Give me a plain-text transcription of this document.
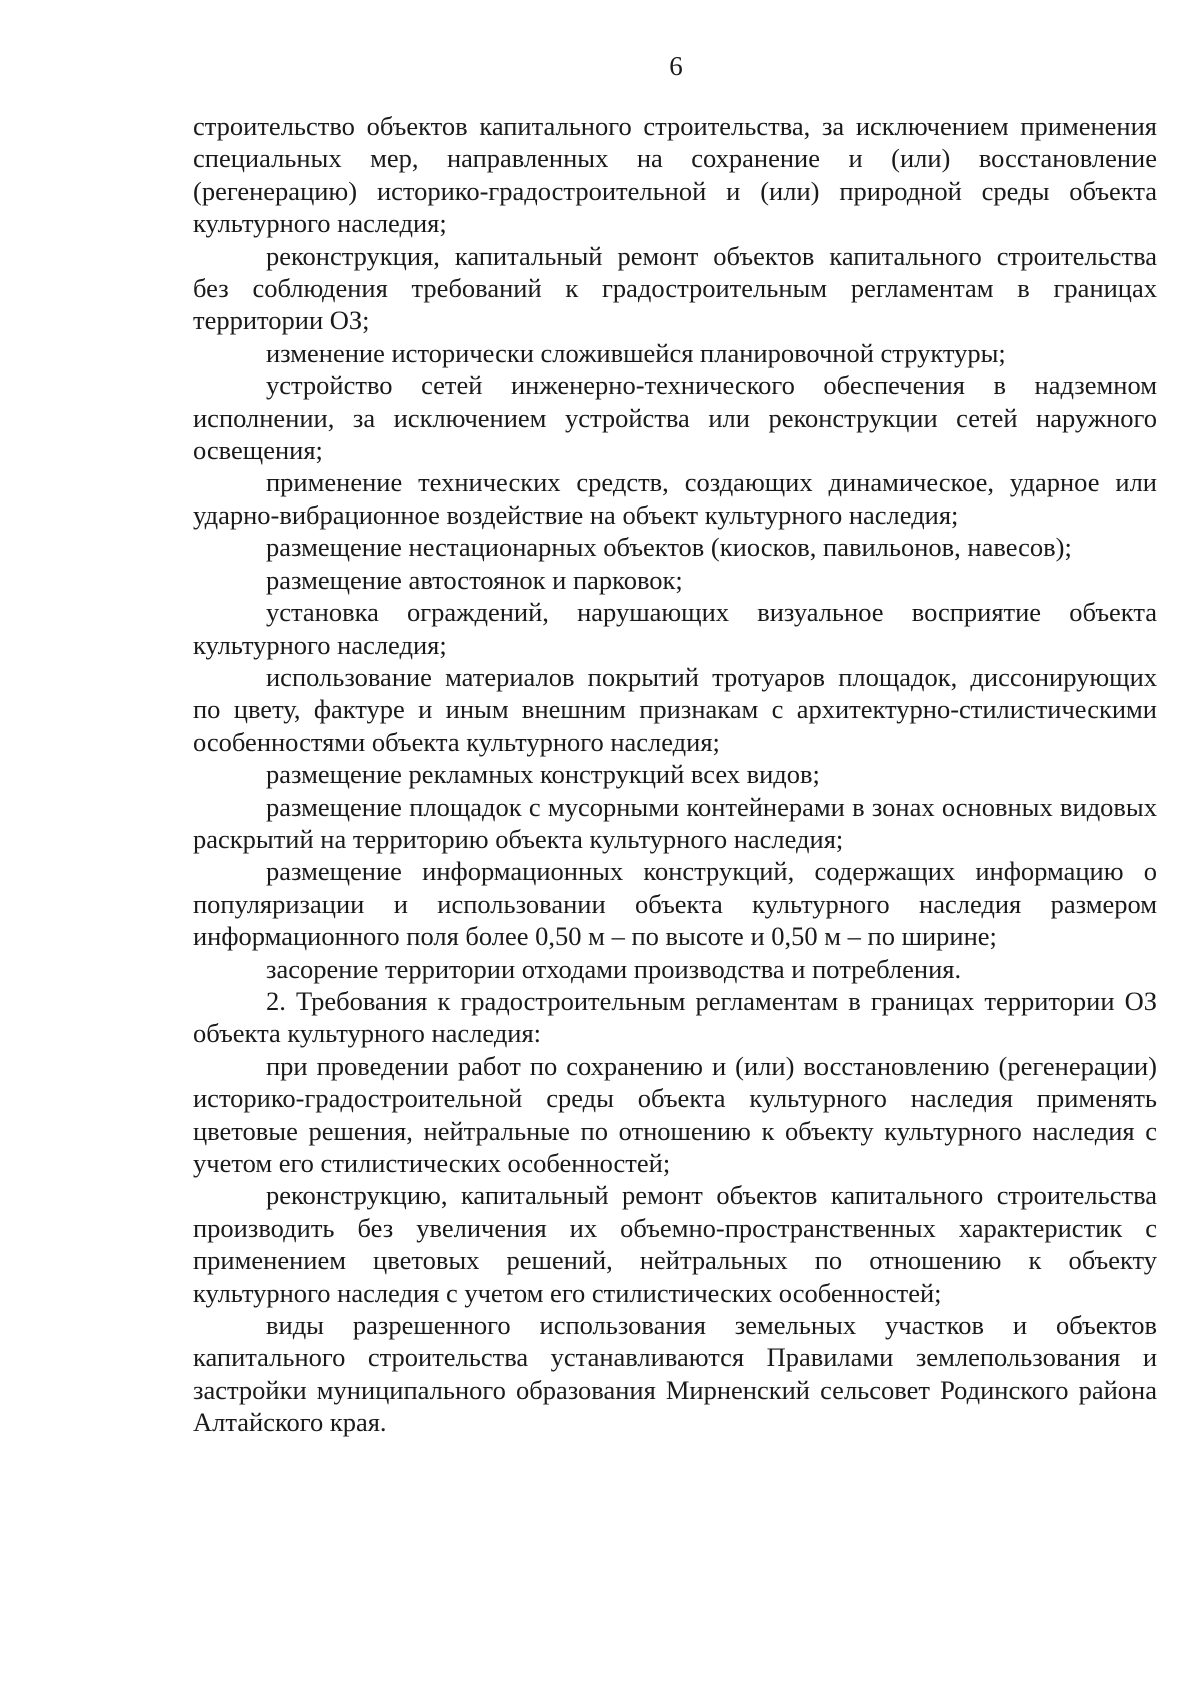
6

строительство объектов капитального строительства, за исключением применения специальных мер, направленных на сохранение и (или) восстановление (регенерацию) историко-градостроительной и (или) природной среды объекта культурного наследия;

реконструкция, капитальный ремонт объектов капитального строительства без соблюдения требований к градостроительным регламентам в границах территории ОЗ;

изменение исторически сложившейся планировочной структуры;

устройство сетей инженерно-технического обеспечения в надземном исполнении, за исключением устройства или реконструкции сетей наружного освещения;

применение технических средств, создающих динамическое, ударное или ударно-вибрационное воздействие на объект культурного наследия;

размещение нестационарных объектов (киосков, павильонов, навесов);

размещение автостоянок и парковок;

установка ограждений, нарушающих визуальное восприятие объекта культурного наследия;

использование материалов покрытий тротуаров площадок, диссонирующих по цвету, фактуре и иным внешним признакам с архитектурно-стилистическими особенностями объекта культурного наследия;

размещение рекламных конструкций всех видов;

размещение площадок с мусорными контейнерами в зонах основных видовых раскрытий на территорию объекта культурного наследия;

размещение информационных конструкций, содержащих информацию о популяризации и использовании объекта культурного наследия размером информационного поля более 0,50 м – по высоте и 0,50 м – по ширине;

засорение территории отходами производства и потребления.

2. Требования к градостроительным регламентам в границах территории ОЗ объекта культурного наследия:

при проведении работ по сохранению и (или) восстановлению (регенерации) историко-градостроительной среды объекта культурного наследия применять цветовые решения, нейтральные по отношению к объекту культурного наследия с учетом его стилистических особенностей;

реконструкцию, капитальный ремонт объектов капитального строительства производить без увеличения их объемно-пространственных характеристик с применением цветовых решений, нейтральных по отношению к объекту культурного наследия с учетом его стилистических особенностей;

виды разрешенного использования земельных участков и объектов капитального строительства устанавливаются Правилами землепользования и застройки муниципального образования Мирненский сельсовет Родинского района Алтайского края.
